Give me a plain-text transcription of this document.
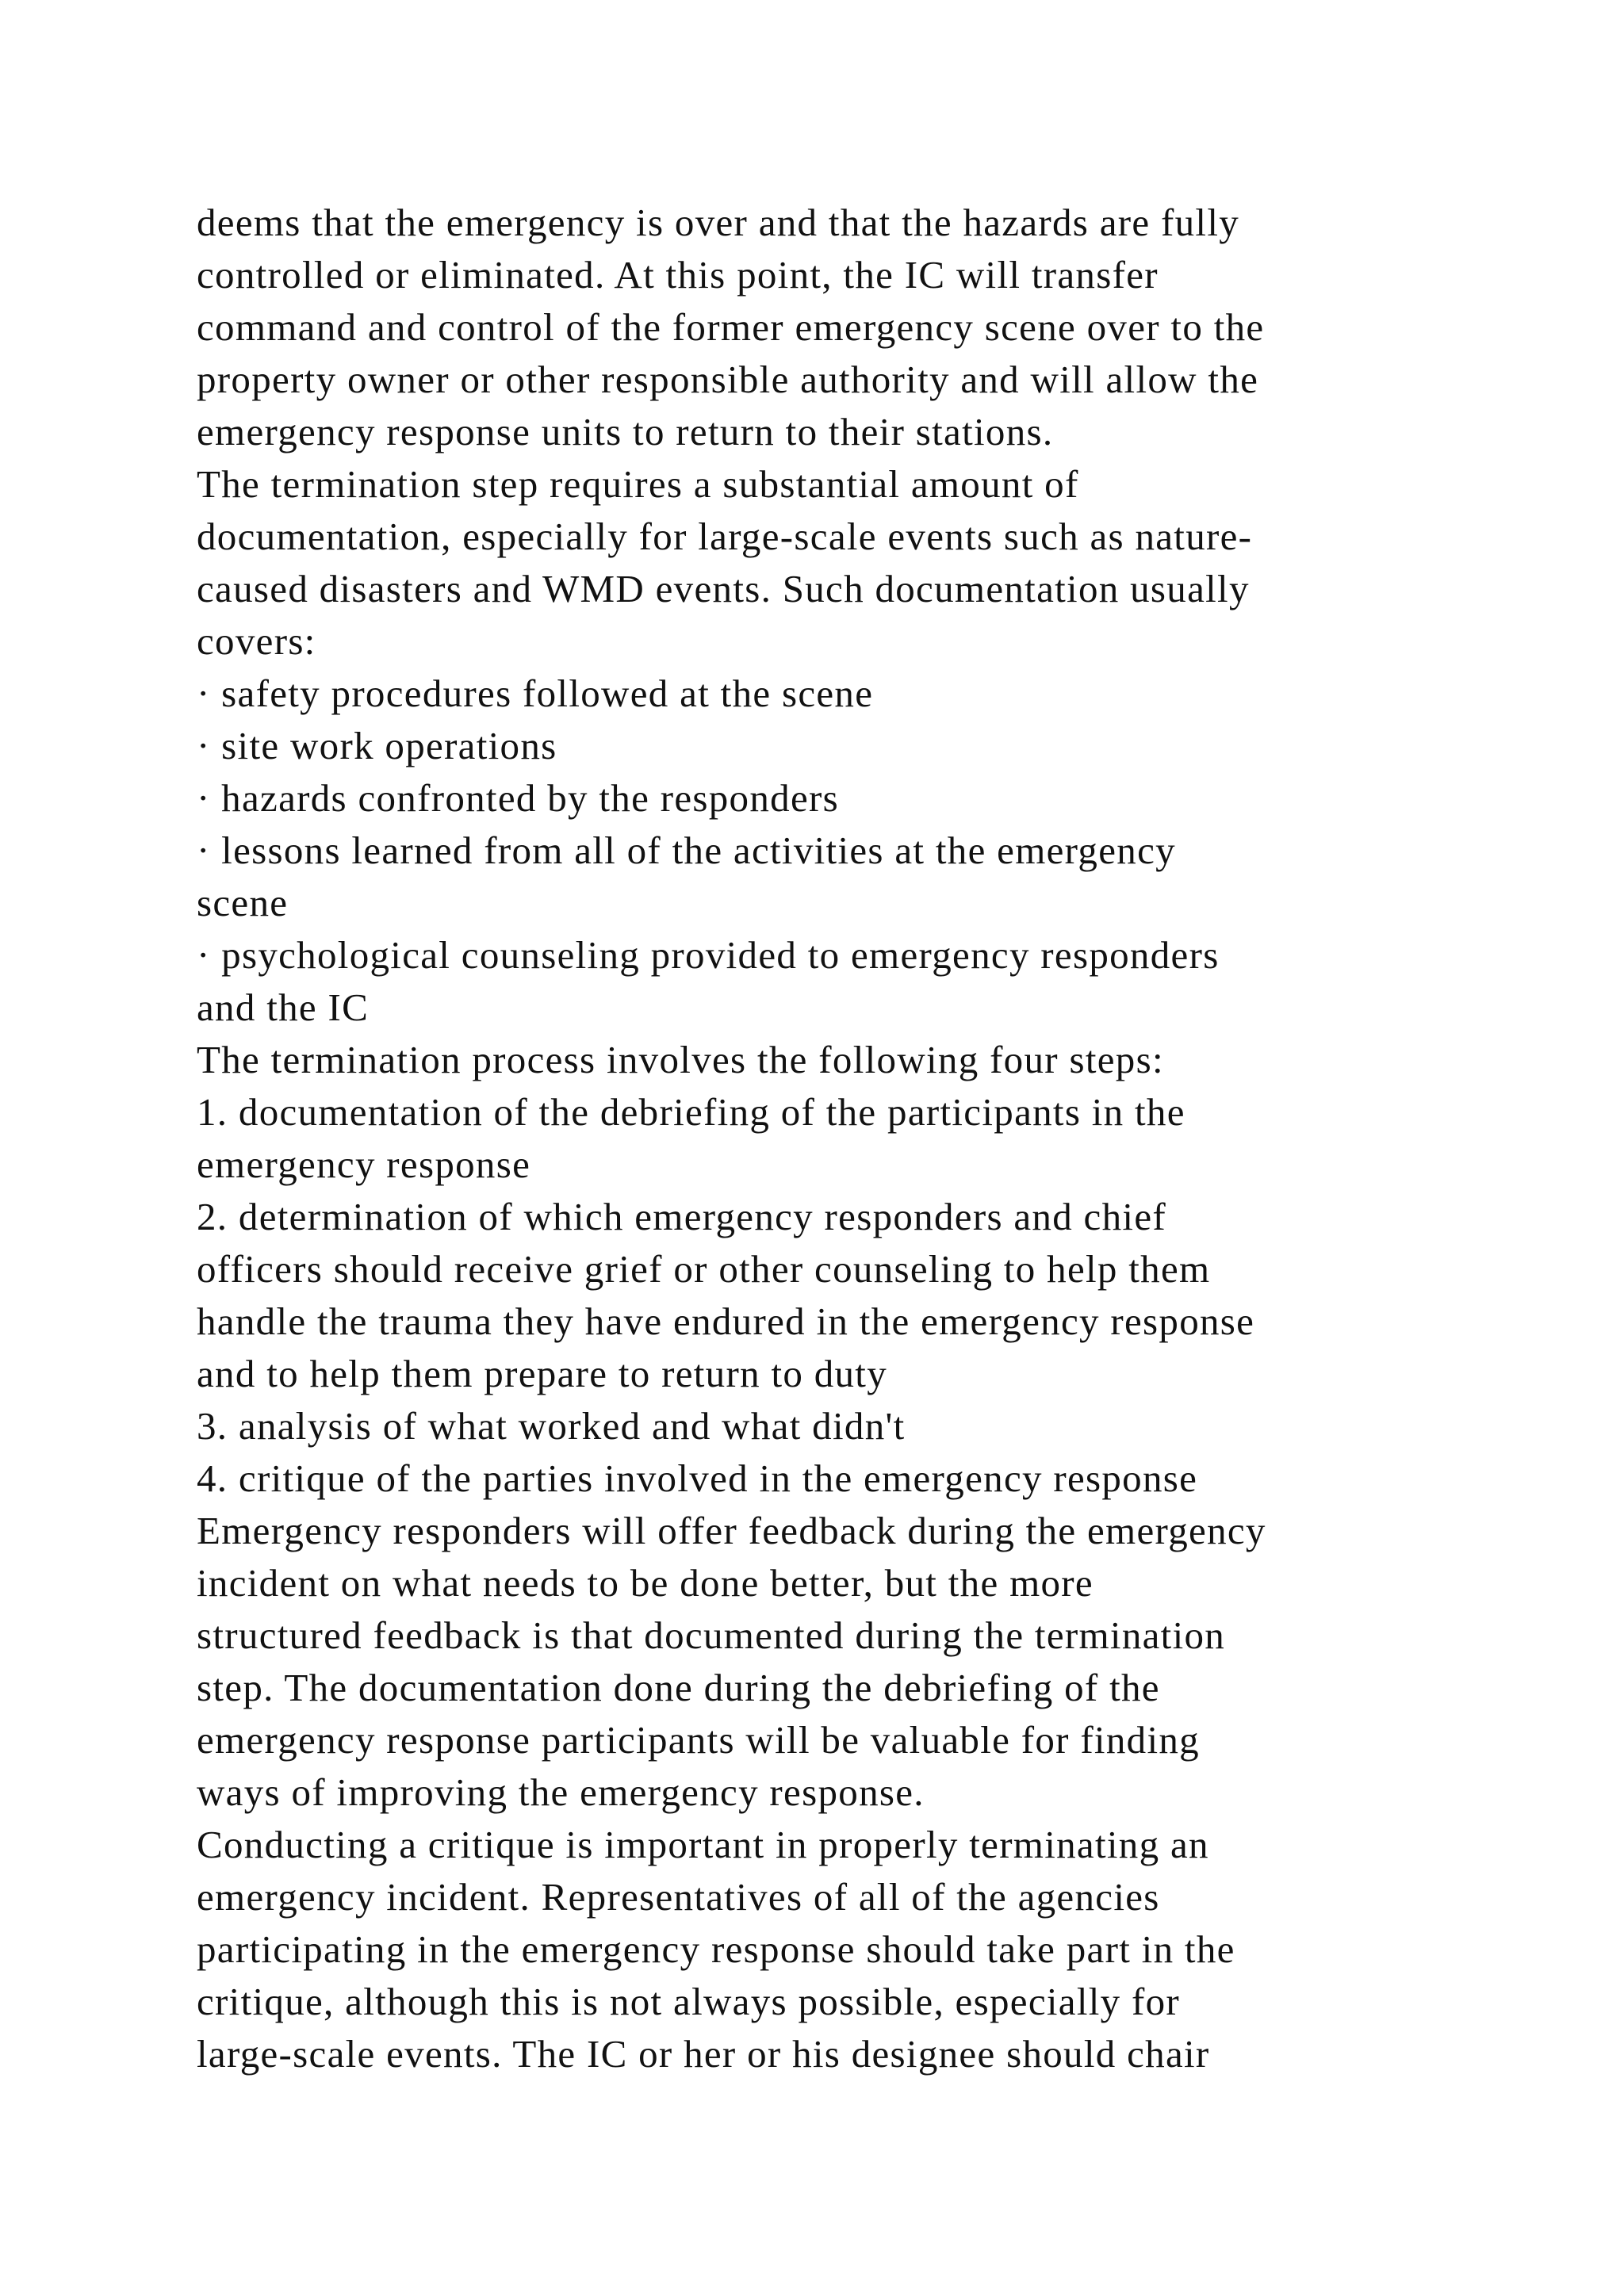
deems that the emergency is over and that the hazards are fully
controlled or eliminated. At this point, the IC will transfer
command and control of the former emergency scene over to the
property owner or other responsible authority and will allow the
emergency response units to return to their stations.
The termination step requires a substantial amount of
documentation, especially for large-scale events such as nature-
caused disasters and WMD events. Such documentation usually
covers:
· safety procedures followed at the scene
· site work operations
· hazards confronted by the responders
· lessons learned from all of the activities at the emergency
scene
· psychological counseling provided to emergency responders
and the IC
The termination process involves the following four steps:
1. documentation of the debriefing of the participants in the
emergency response
2. determination of which emergency responders and chief
officers should receive grief or other counseling to help them
handle the trauma they have endured in the emergency response
and to help them prepare to return to duty
3. analysis of what worked and what didn't
4. critique of the parties involved in the emergency response
Emergency responders will offer feedback during the emergency
incident on what needs to be done better, but the more
structured feedback is that documented during the termination
step. The documentation done during the debriefing of the
emergency response participants will be valuable for finding
ways of improving the emergency response.
Conducting a critique is important in properly terminating an
emergency incident. Representatives of all of the agencies
participating in the emergency response should take part in the
critique, although this is not always possible, especially for
large-scale events. The IC or her or his designee should chair
